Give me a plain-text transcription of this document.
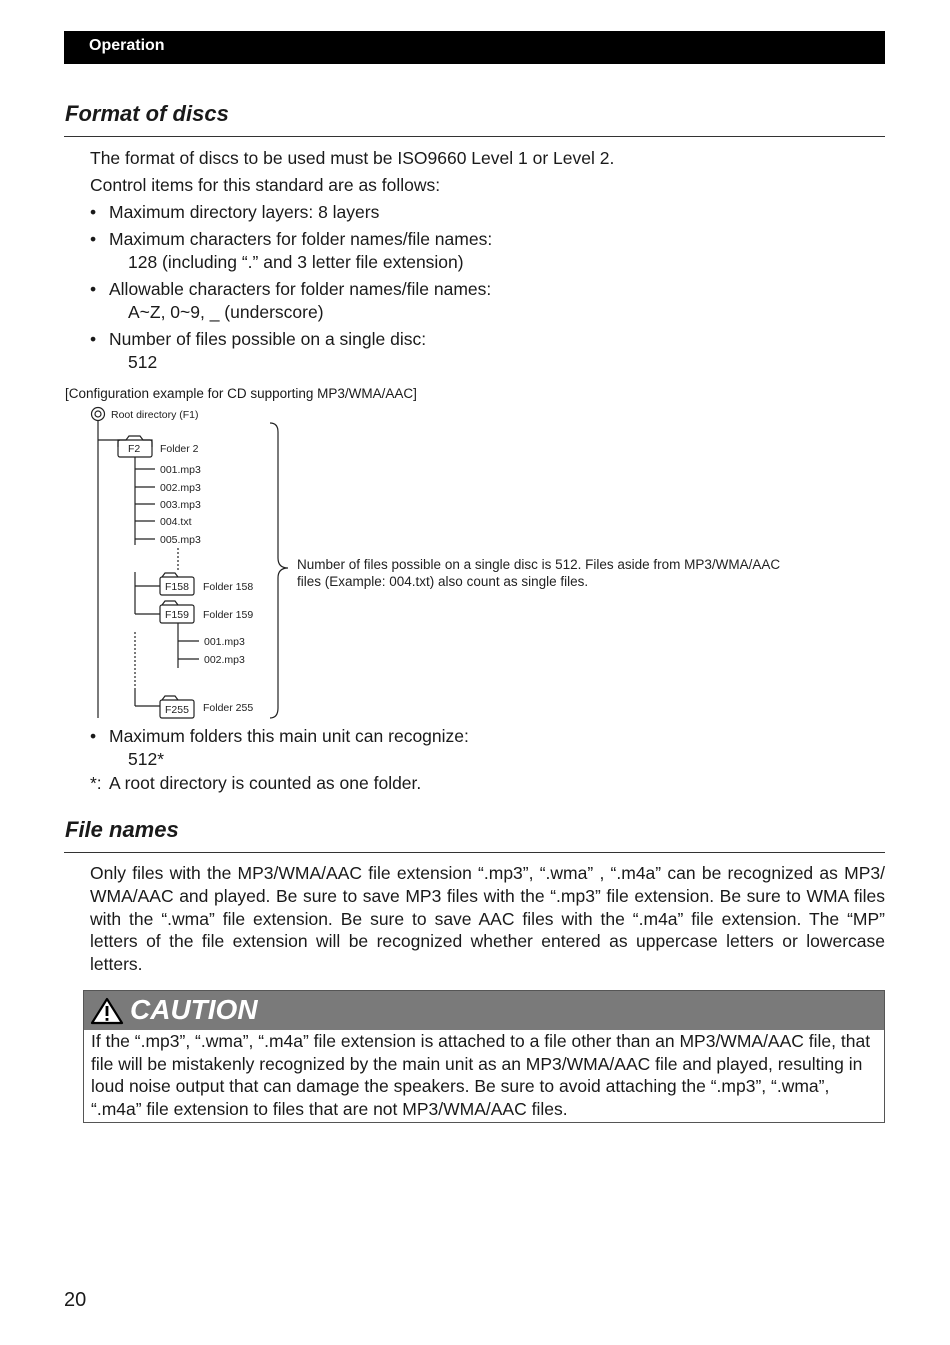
Operation
Format of discs
The format of discs to be used must be ISO9660 Level 1 or Level 2.
Control items for this standard are as follows:
• Maximum directory layers: 8 layers
• Maximum characters for folder names/file names:
128 (including “.” and 3 letter file extension)
• Allowable characters for folder names/file names:
A~Z, 0~9, _ (underscore)
• Number of files possible on a single disc:
512
[Configuration example for CD supporting MP3/WMA/AAC]
Root directory (F1)
F2 Folder 2
001.mp3
002.mp3
003.mp3
004.txt
005.mp3
F158 Folder 158
F159 Folder 159
001.mp3
002.mp3
F255 Folder 255
Number of files possible on a single disc is 512. Files aside from MP3/WMA/AAC
files (Example: 004.txt) also count as single files.
• Maximum folders this main unit can recognize:
512*
*: A root directory is counted as one folder.
File names
Only files with the MP3/WMA/AAC file extension “.mp3”, “.wma” , “.m4a” can be recognized as MP3/ WMA/AAC and played. Be sure to save MP3 files with the “.mp3” file extension. Be sure to WMA files with the “.wma” file extension. Be sure to save AAC files with the “.m4a” file extension. The “MP” letters of the file extension will be recognized whether entered as uppercase letters or lowercase letters.
CAUTION
If the “.mp3”, “.wma”, “.m4a” file extension is attached to a file other than an MP3/WMA/AAC file, that file will be mistakenly recognized by the main unit as an MP3/WMA/AAC file and played, resulting in loud noise output that can damage the speakers. Be sure to avoid attaching the “.mp3”, “.wma”, “.m4a” file extension to files that are not MP3/WMA/AAC files.
20
